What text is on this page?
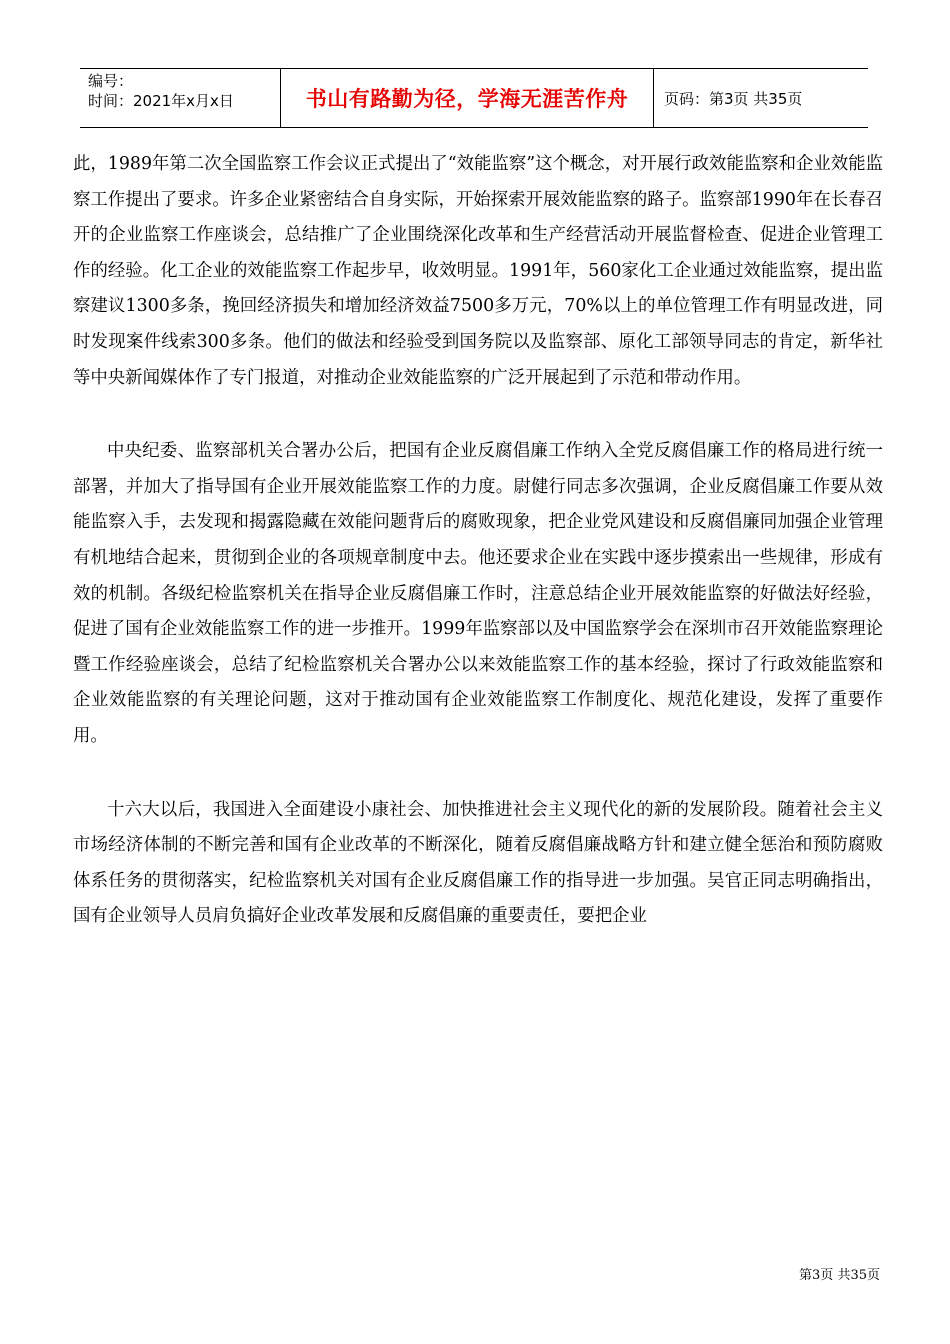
编号：
时间：2021年x月x日	书山有路勤为径，学海无涯苦作舟	页码：第3页 共35页

此，1989年第二次全国监察工作会议正式提出了“效能监察”这个概念，对开展行政效能监察和企业效能监察工作提出了要求。许多企业紧密结合自身实际，开始探索开展效能监察的路子。监察部1990年在长春召开的企业监察工作座谈会，总结推广了企业围绕深化改革和生产经营活动开展监督检查、促进企业管理工作的经验。化工企业的效能监察工作起步早，收效明显。1991年，560家化工企业通过效能监察，提出监察建议1300多条，挽回经济损失和增加经济效益7500多万元，70%以上的单位管理工作有明显改进，同时发现案件线索300多条。他们的做法和经验受到国务院以及监察部、原化工部领导同志的肯定，新华社等中央新闻媒体作了专门报道，对推动企业效能监察的广泛开展起到了示范和带动作用。

中央纪委、监察部机关合署办公后，把国有企业反腐倡廉工作纳入全党反腐倡廉工作的格局进行统一部署，并加大了指导国有企业开展效能监察工作的力度。尉健行同志多次强调，企业反腐倡廉工作要从效能监察入手，去发现和揭露隐藏在效能问题背后的腐败现象，把企业党风建设和反腐倡廉同加强企业管理有机地结合起来，贯彻到企业的各项规章制度中去。他还要求企业在实践中逐步摸索出一些规律，形成有效的机制。各级纪检监察机关在指导企业反腐倡廉工作时，注意总结企业开展效能监察的好做法好经验，促进了国有企业效能监察工作的进一步推开。1999年监察部以及中国监察学会在深圳市召开效能监察理论暨工作经验座谈会，总结了纪检监察机关合署办公以来效能监察工作的基本经验，探讨了行政效能监察和企业效能监察的有关理论问题，这对于推动国有企业效能监察工作制度化、规范化建设，发挥了重要作用。

十六大以后，我国进入全面建设小康社会、加快推进社会主义现代化的新的发展阶段。随着社会主义市场经济体制的不断完善和国有企业改革的不断深化，随着反腐倡廉战略方针和建立健全惩治和预防腐败体系任务的贯彻落实，纪检监察机关对国有企业反腐倡廉工作的指导进一步加强。吴官正同志明确指出，国有企业领导人员肩负搞好企业改革发展和反腐倡廉的重要责任，要把企业

第3页 共35页
